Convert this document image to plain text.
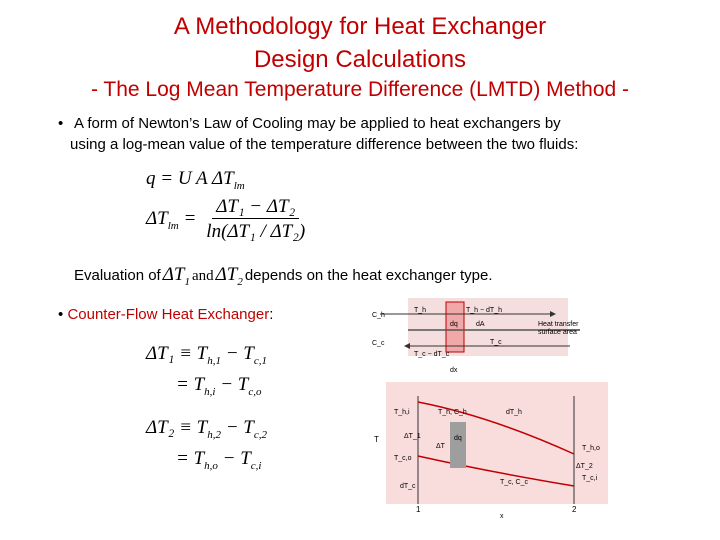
A Methodology for Heat Exchanger
Design Calculations
- The Log Mean Temperature Difference (LMTD) Method -
• A form of Newton’s Law of Cooling may be applied to heat exchangers by
using a log-mean value of the temperature difference between the two fluids:
q = U A $\Delta T_{lm}$
$\Delta T_{lm} = \frac{\text{ΔT₁ − ΔT₂}}{\text{ln(ΔT₁ / ΔT₂)}}$
Evaluation of $\Delta T_1$ and $\Delta T_2$ depends on the heat exchanger type.
• Counter-Flow Heat Exchanger:
$\Delta T_1 \equiv T_{h,1} - T_{c,1}$
= $T_{h,i} - T_{c,o}$
$\Delta T_2 \equiv T_{h,2} - T_{c,2}$
= $T_{h,o} - T_{c,i}$
C_h
C_c
T_h	T_h − dT_h
dq	dA
T_c − dT_c
T_c
dx
Heat transfer
surface area
T
x
1	2
T_h,i
T_c,o
T_h,o
T_c,i
ΔT_1
ΔT_2
ΔT
dq
T_h, C_h
T_c, C_c
dT_h
dT_c
